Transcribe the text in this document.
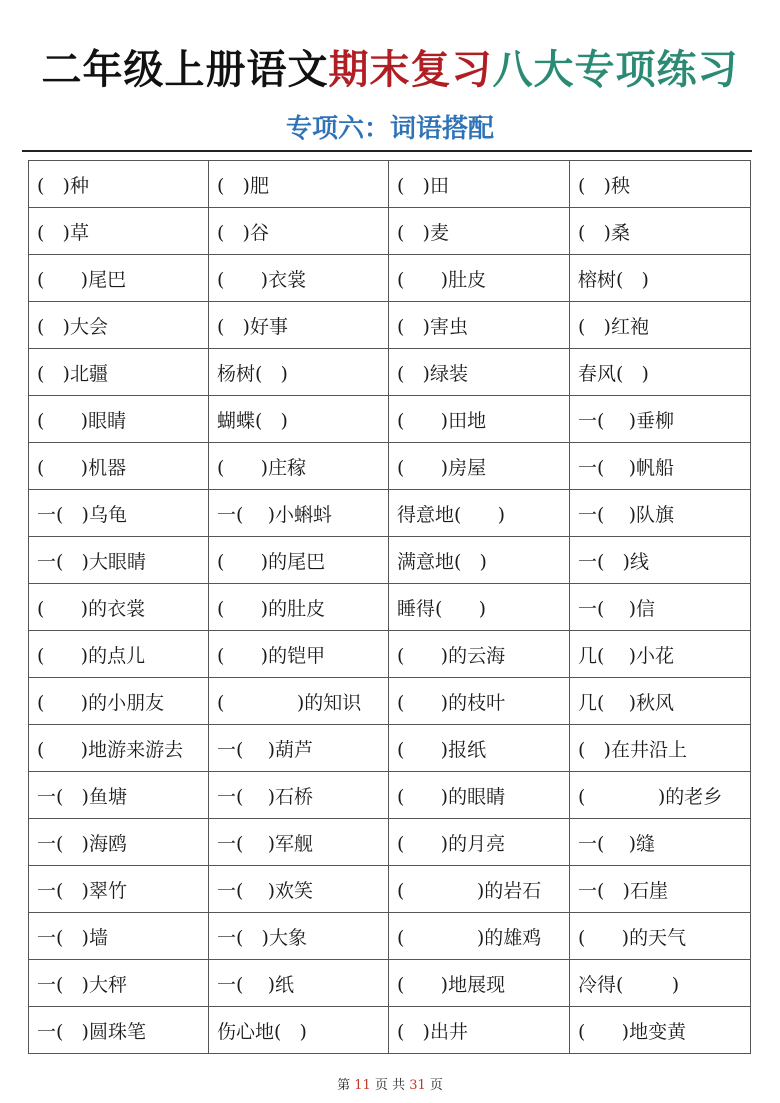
二年级上册语文期末复习八大专项练习
专项六：词语搭配
(   )种	(   )肥	(   )田	(   )秧
(   )草	(   )谷	(   )麦	(   )桑
(      )尾巴	(      )衣裳	(      )肚皮	榕树(   )
(   )大会	(   )好事	(   )害虫	(   )红袍
(   )北疆	杨树(   )	(   )绿装	春风(   )
(      )眼睛	蝴蝶(   )	(      )田地	一(    )垂柳
(      )机器	(      )庄稼	(      )房屋	一(    )帆船
一(   )乌龟	一(    )小蝌蚪	得意地(      )	一(    )队旗
一(   )大眼睛	(      )的尾巴	满意地(   )	一(   )线
(      )的衣裳	(      )的肚皮	睡得(      )	一(    )信
(      )的点儿	(      )的铠甲	(      )的云海	几(    )小花
(      )的小朋友	(            )的知识	(      )的枝叶	几(    )秋风
(      )地游来游去	一(    )葫芦	(      )报纸	(   )在井沿上
一(   )鱼塘	一(    )石桥	(      )的眼睛	(            )的老乡
一(   )海鸥	一(    )军舰	(      )的月亮	一(    )缝
一(   )翠竹	一(    )欢笑	(            )的岩石	一(   )石崖
一(   )墙	一(   )大象	(            )的雄鸡	(      )的天气
一(   )大秤	一(    )纸	(      )地展现	冷得(        )
一(   )圆珠笔	伤心地(   )	(   )出井	(      )地变黄
第 11 页 共 31 页
